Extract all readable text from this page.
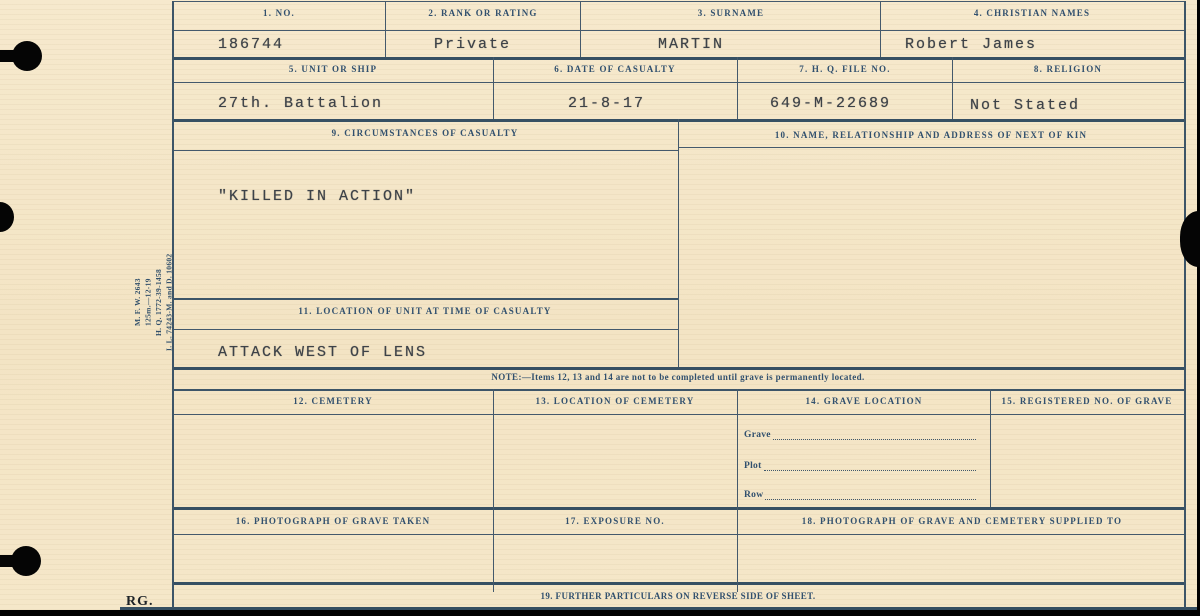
1. NO.	2. RANK OR RATING	3. SURNAME	4. CHRISTIAN NAMES
186744	Private	MARTIN	Robert James
5. UNIT OR SHIP	6. DATE OF CASUALTY	7. H. Q. FILE NO.	8. RELIGION
27th. Battalion	21-8-17	649-M-22689	Not Stated
9. CIRCUMSTANCES OF CASUALTY	10. NAME, RELATIONSHIP AND ADDRESS OF NEXT OF KIN
"KILLED IN ACTION"
11. LOCATION OF UNIT AT TIME OF CASUALTY
ATTACK WEST OF LENS
NOTE:—Items 12, 13 and 14 are not to be completed until grave is permanently located.
12. CEMETERY	13. LOCATION OF CEMETERY	14. GRAVE LOCATION	15. REGISTERED NO. OF GRAVE
Grave
Plot
Row
16. PHOTOGRAPH OF GRAVE TAKEN	17. EXPOSURE NO.	18. PHOTOGRAPH OF GRAVE AND CEMETERY SUPPLIED TO
19. FURTHER PARTICULARS ON REVERSE SIDE OF SHEET.
M. F. W. 2643 125m.—12-19 H. Q. 1772-39-1458 I. L. 74243-M. and D. 10602
RG.
